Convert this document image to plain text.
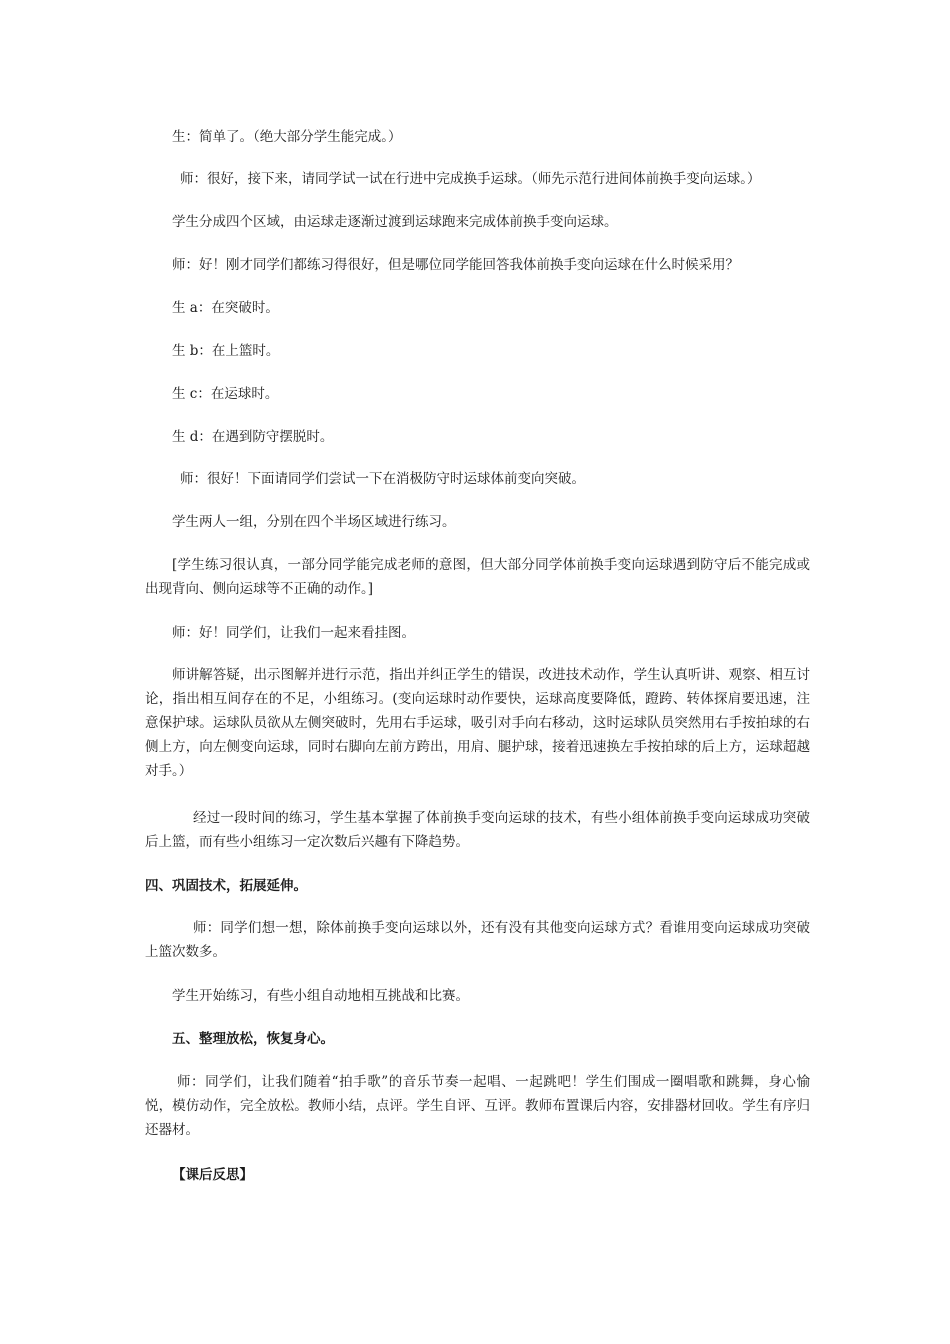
生：简单了。（绝大部分学生能完成。）

师：很好，接下来，请同学试一试在行进中完成换手运球。（师先示范行进间体前换手变向运球。）

学生分成四个区域，由运球走逐渐过渡到运球跑来完成体前换手变向运球。

师：好！刚才同学们都练习得很好，但是哪位同学能回答我体前换手变向运球在什么时候采用？

生 a：在突破时。

生 b：在上篮时。

生 c：在运球时。

生 d：在遇到防守摆脱时。

师：很好！下面请同学们尝试一下在消极防守时运球体前变向突破。

学生两人一组，分别在四个半场区域进行练习。

[学生练习很认真，一部分同学能完成老师的意图，但大部分同学体前换手变向运球遇到防守后不能完成或出现背向、侧向运球等不正确的动作。]

师：好！同学们，让我们一起来看挂图。

师讲解答疑，出示图解并进行示范，指出并纠正学生的错误，改进技术动作，学生认真听讲、观察、相互讨论，指出相互间存在的不足，小组练习。(变向运球时动作要快，运球高度要降低，蹬跨、转体探肩要迅速，注意保护球。运球队员欲从左侧突破时，先用右手运球，吸引对手向右移动，这时运球队员突然用右手按拍球的右侧上方，向左侧变向运球，同时右脚向左前方跨出，用肩、腿护球，接着迅速换左手按拍球的后上方，运球超越对手。）

经过一段时间的练习，学生基本掌握了体前换手变向运球的技术，有些小组体前换手变向运球成功突破后上篮，而有些小组练习一定次数后兴趣有下降趋势。

四、巩固技术，拓展延伸。

师：同学们想一想，除体前换手变向运球以外，还有没有其他变向运球方式？看谁用变向运球成功突破上篮次数多。

学生开始练习，有些小组自动地相互挑战和比赛。

五、整理放松，恢复身心。

师：同学们，让我们随着“拍手歌”的音乐节奏一起唱、一起跳吧！学生们围成一圈唱歌和跳舞，身心愉悦，模仿动作，完全放松。教师小结，点评。学生自评、互评。教师布置课后内容，安排器材回收。学生有序归还器材。

【课后反思】
